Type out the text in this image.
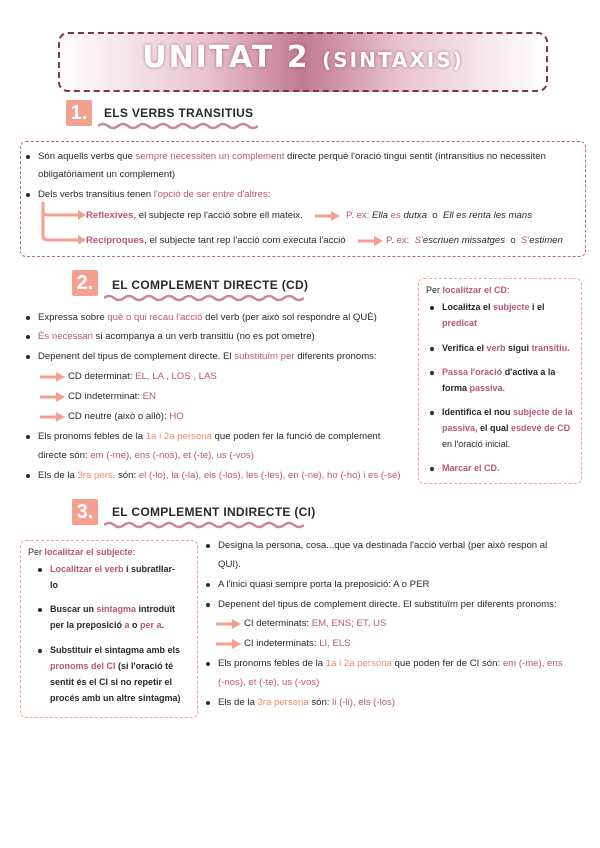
UNITAT 2 (SINTAXIS)
1.	ELS VERBS TRANSITIUS
Són aquells verbs que sempre necessiten un complement directe perquè l'oració tingui sentit (intransitius no necessiten
obligatòriament un complement)
Dels verbs transitius tenen l'opció de ser entre d'altres:
Reflexives, el subjecte rep l'acció sobre ell mateix.	P. ex: Ella es dutxa o Ell es renta les mans
Recíproques, el subjecte tant rep l'acció com executa l'acció	P. ex: S'escriuen missatges o S'estimen
2.	EL COMPLEMENT DIRECTE (CD)
Expressa sobre què o qui recau l'acció del verb (per això sol respondre al QUÈ)
És necessari si acompanya a un verb transitiu (no es pot ometre)
Depenent del tipus de complement directe. El substituïm per diferents pronoms:
CD determinat: EL, LA , LOS , LAS
CD indeterminat: EN
CD neutre (això o allò): HO
Els pronoms febles de la 1a i 2a persona que poden fer la funció de complement
directe són: em (-me), ens (-nos), et (-te), us (-vos)
Els de la 3ra pers. són: el (-lo), la (-la), els (-los), les (-les), en (-ne), ho (-ho) i es (-se)
Per localitzar el CD:
Localitza el subjecte i el
predicat
Verifica el verb sigui transitiu.
Passa l'oració d'activa a la
forma passiva.
Identifica el nou subjecte de la
passiva, el qual esdevé de CD
en l'oració inicial.
Marcar el CD.
3.	EL COMPLEMENT INDIRECTE (CI)
Per localitzar el subjecte:
Localitzar el verb i subratllar-
lo
Buscar un sintagma introduït
per la preposició a o per a.
Substituir el sintagma amb els
pronoms del CI (si l'oració té
sentit és el CI si no repetir el
procés amb un altre sintagma)
Designa la persona, cosa...que va destinada l'acció verbal (per això respon al
QUI).
A l'inici quasi sempre porta la preposició: A o PER
Depenent del tipus de complement directe. El substituïm per diferents pronoms:
CI determinats: EM, ENS; ET, US
CI indeterminats: LI, ELS
Els pronoms febles de la 1a i 2a persona que poden fer de CI són: em (-me), ens
(-nos), et (-te), us (-vos)
Els de la 3ra persona són: li (-li), els (-los)
